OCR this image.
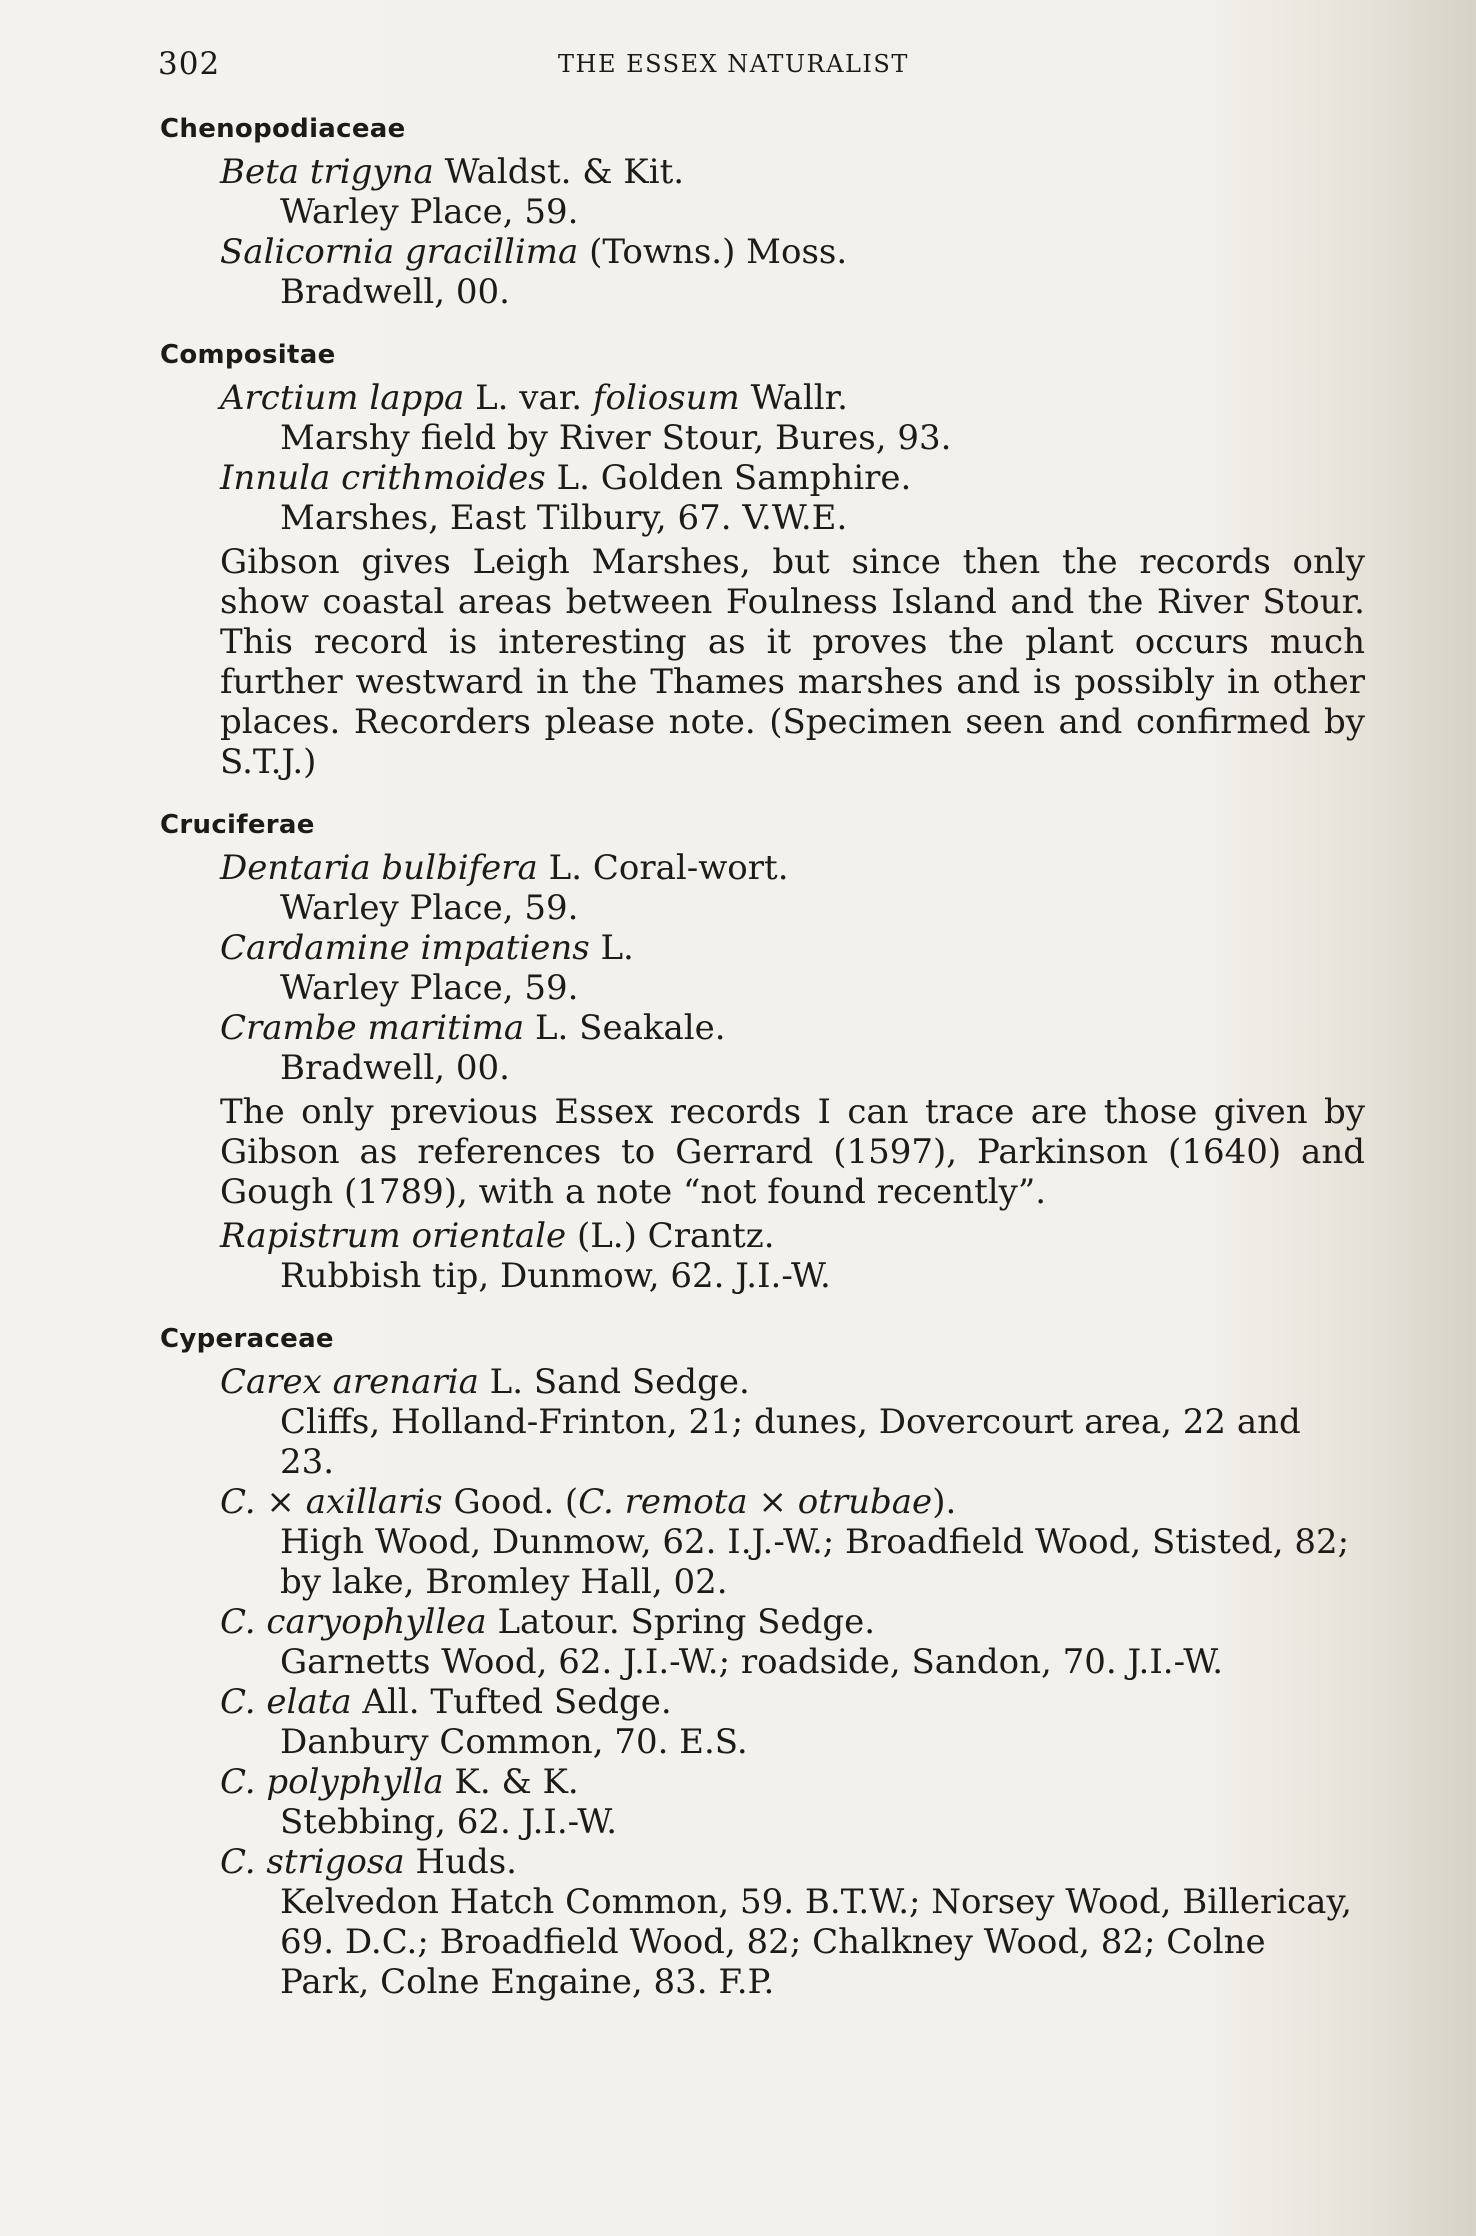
302	THE ESSEX NATURALIST
Chenopodiaceae
Beta trigyna Waldst. & Kit.
Warley Place, 59.
Salicornia gracillima (Towns.) Moss.
Bradwell, 00.
Compositae
Arctium lappa L. var. foliosum Wallr.
Marshy field by River Stour, Bures, 93.
Innula crithmoides L. Golden Samphire.
Marshes, East Tilbury, 67. V.W.E.
Gibson gives Leigh Marshes, but since then the records only show coastal areas between Foulness Island and the River Stour. This record is interesting as it proves the plant occurs much further westward in the Thames marshes and is possibly in other places. Recorders please note. (Specimen seen and confirmed by S.T.J.)
Cruciferae
Dentaria bulbifera L. Coral-wort.
Warley Place, 59.
Cardamine impatiens L.
Warley Place, 59.
Crambe maritima L. Seakale.
Bradwell, 00.
The only previous Essex records I can trace are those given by Gibson as references to Gerrard (1597), Parkinson (1640) and Gough (1789), with a note “not found recently”.
Rapistrum orientale (L.) Crantz.
Rubbish tip, Dunmow, 62. J.I.-W.
Cyperaceae
Carex arenaria L. Sand Sedge.
Cliffs, Holland-Frinton, 21; dunes, Dovercourt area, 22 and 23.
C. × axillaris Good. (C. remota × otrubae).
High Wood, Dunmow, 62. I.J.-W.; Broadfield Wood, Stisted, 82; by lake, Bromley Hall, 02.
C. caryophyllea Latour. Spring Sedge.
Garnetts Wood, 62. J.I.-W.; roadside, Sandon, 70. J.I.-W.
C. elata All. Tufted Sedge.
Danbury Common, 70. E.S.
C. polyphylla K. & K.
Stebbing, 62. J.I.-W.
C. strigosa Huds.
Kelvedon Hatch Common, 59. B.T.W.; Norsey Wood, Billericay, 69. D.C.; Broadfield Wood, 82; Chalkney Wood, 82; Colne Park, Colne Engaine, 83. F.P.
